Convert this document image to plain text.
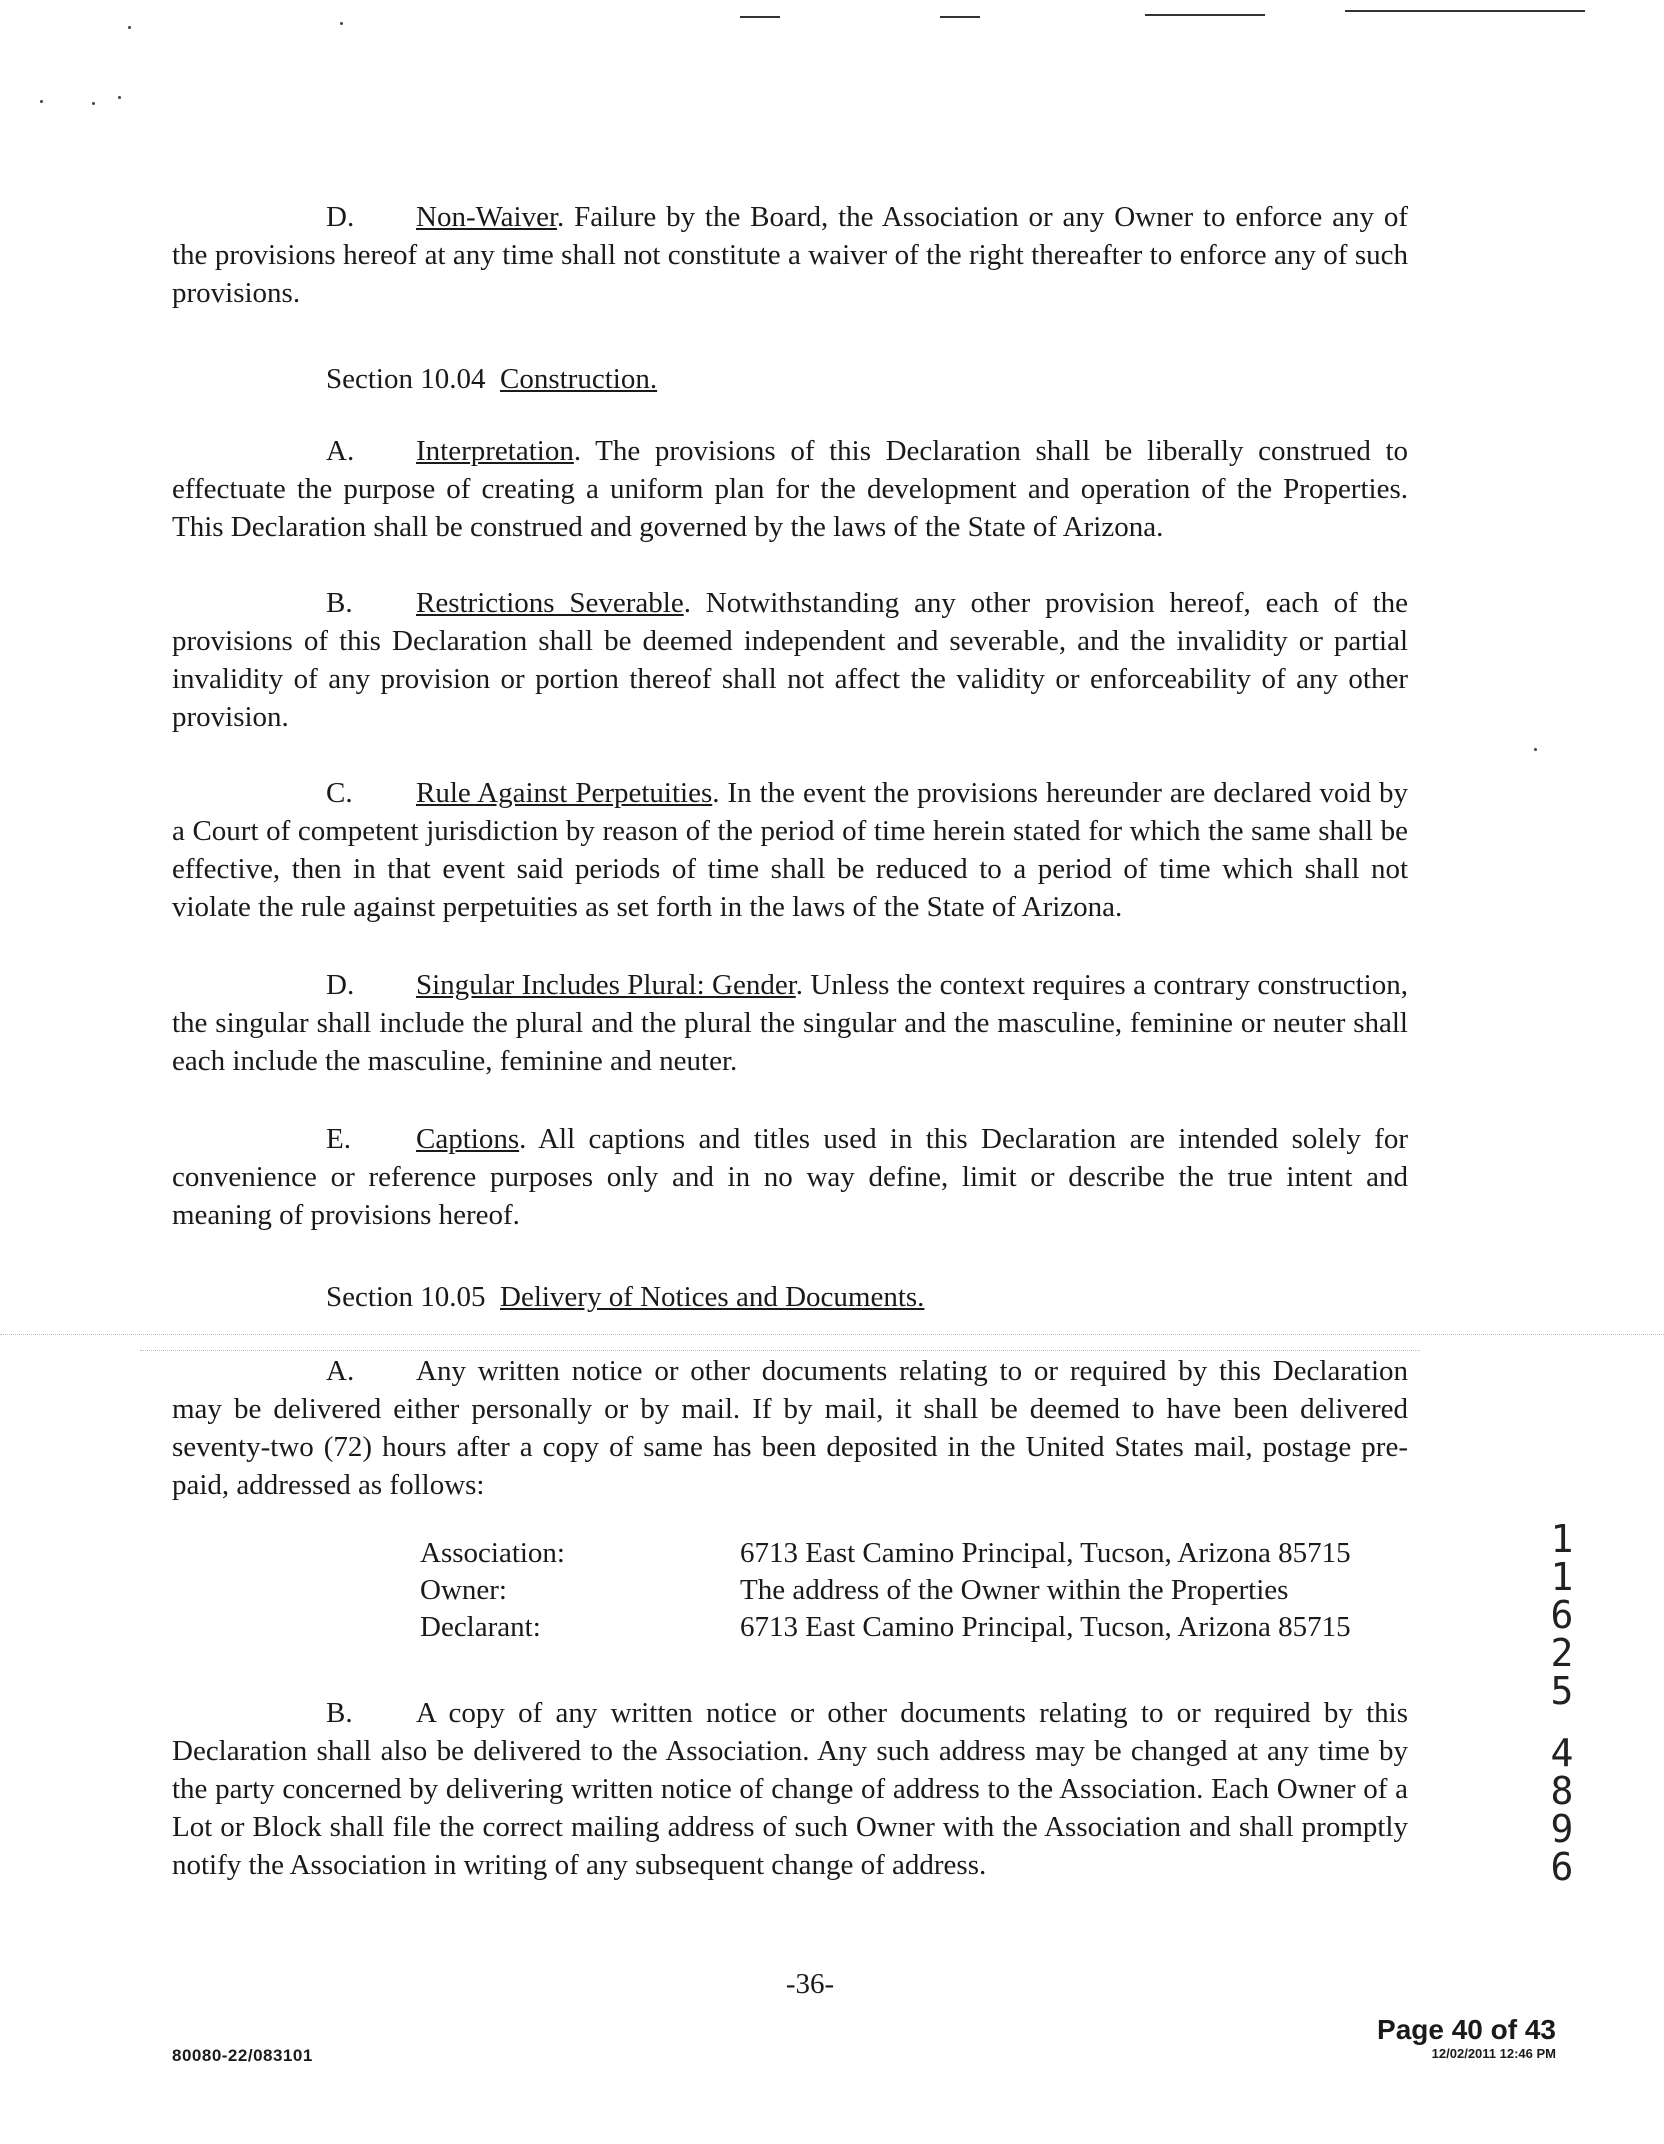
D. Non-Waiver. Failure by the Board, the Association or any Owner to enforce any of the provisions hereof at any time shall not constitute a waiver of the right thereafter to enforce any of such provisions.
Section 10.04 Construction.
A. Interpretation. The provisions of this Declaration shall be liberally construed to effectuate the purpose of creating a uniform plan for the development and operation of the Properties. This Declaration shall be construed and governed by the laws of the State of Arizona.
B. Restrictions Severable. Notwithstanding any other provision hereof, each of the provisions of this Declaration shall be deemed independent and severable, and the invalidity or partial invalidity of any provision or portion thereof shall not affect the validity or enforceability of any other provision.
C. Rule Against Perpetuities. In the event the provisions hereunder are declared void by a Court of competent jurisdiction by reason of the period of time herein stated for which the same shall be effective, then in that event said periods of time shall be reduced to a period of time which shall not violate the rule against perpetuities as set forth in the laws of the State of Arizona.
D. Singular Includes Plural: Gender. Unless the context requires a contrary construction, the singular shall include the plural and the plural the singular and the masculine, feminine or neuter shall each include the masculine, feminine and neuter.
E. Captions. All captions and titles used in this Declaration are intended solely for convenience or reference purposes only and in no way define, limit or describe the true intent and meaning of provisions hereof.
Section 10.05 Delivery of Notices and Documents.
A. Any written notice or other documents relating to or required by this Declaration may be delivered either personally or by mail. If by mail, it shall be deemed to have been delivered seventy-two (72) hours after a copy of same has been deposited in the United States mail, postage pre-paid, addressed as follows:
Association:	6713 East Camino Principal, Tucson, Arizona 85715
Owner:	The address of the Owner within the Properties
Declarant:	6713 East Camino Principal, Tucson, Arizona 85715
B. A copy of any written notice or other documents relating to or required by this Declaration shall also be delivered to the Association. Any such address may be changed at any time by the party concerned by delivering written notice of change of address to the Association. Each Owner of a Lot or Block shall file the correct mailing address of such Owner with the Association and shall promptly notify the Association in writing of any subsequent change of address.
1
1
6
2
5
4
8
9
6
-36-
80080-22/083101
Page 40 of 43
12/02/2011 12:46 PM
